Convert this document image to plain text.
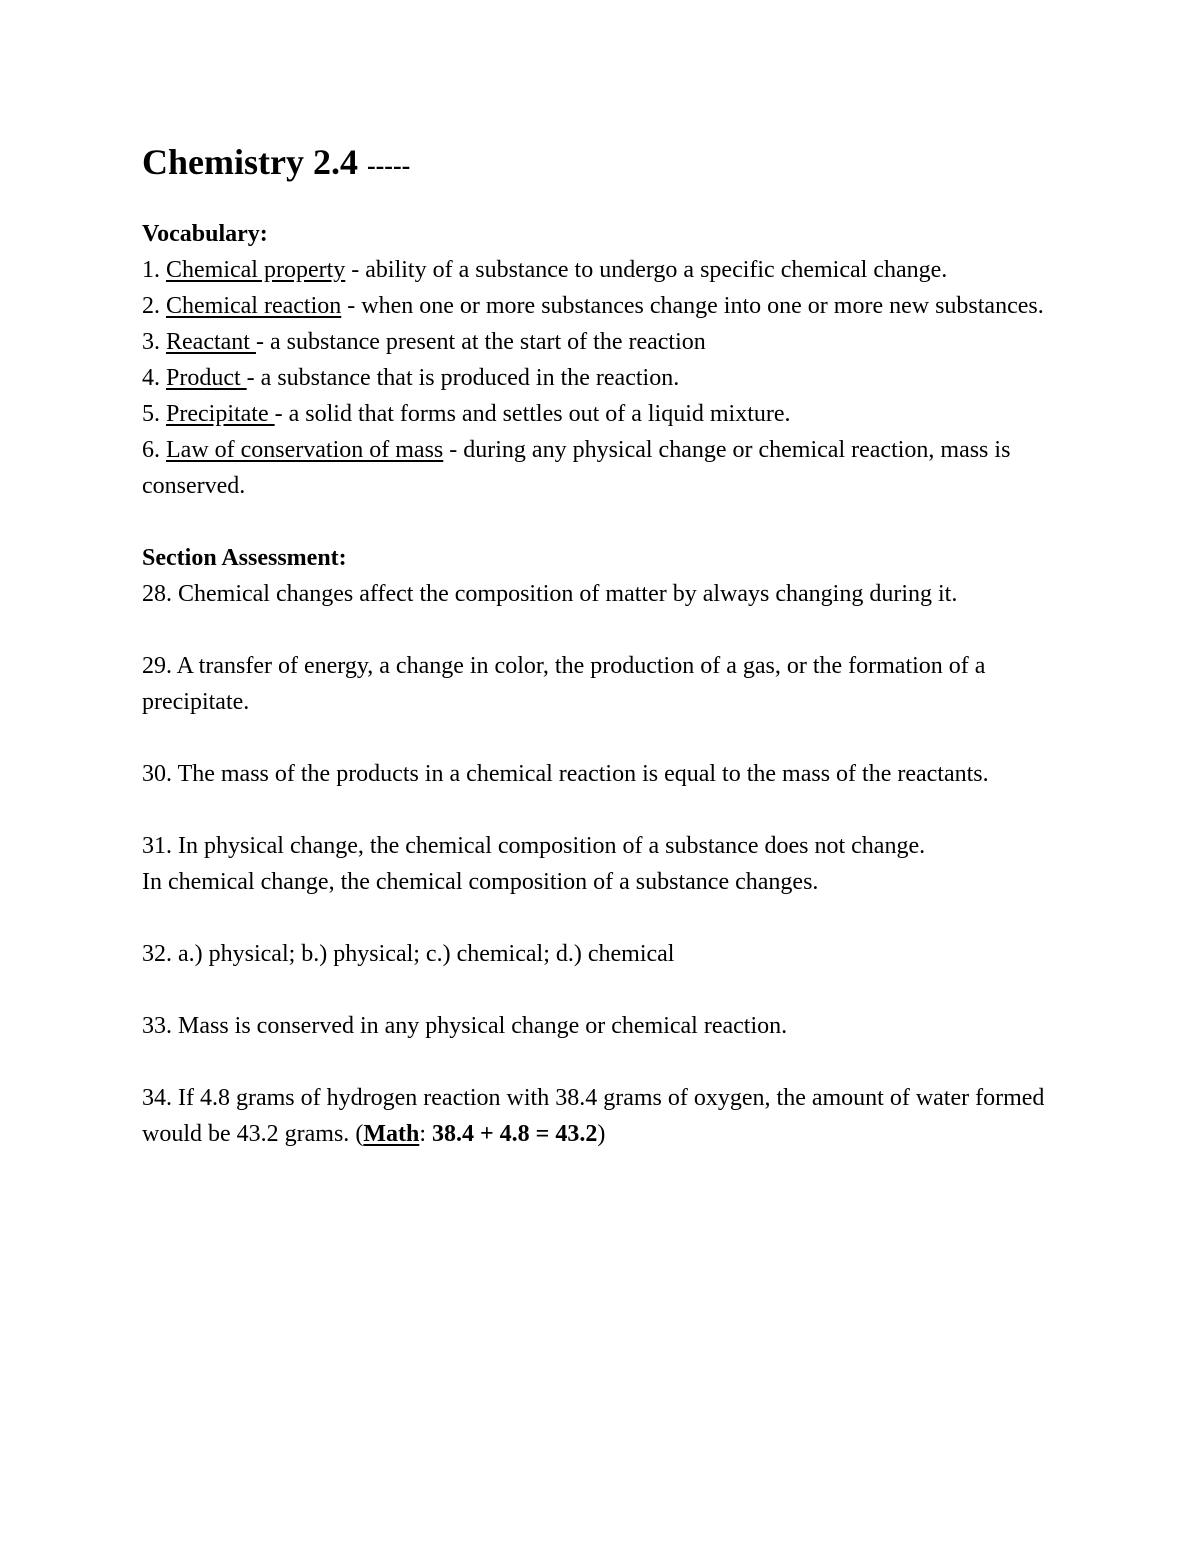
Chemistry 2.4 -----

Vocabulary:

1. Chemical property - ability of a substance to undergo a specific chemical change.

2. Chemical reaction - when one or more substances change into one or more new substances.

3. Reactant - a substance present at the start of the reaction

4. Product - a substance that is produced in the reaction.

5. Precipitate - a solid that forms and settles out of a liquid mixture.

6. Law of conservation of mass - during any physical change or chemical reaction, mass is conserved.

Section Assessment:

28. Chemical changes affect the composition of matter by always changing during it.

29. A transfer of energy, a change in color, the production of a gas, or the formation of a precipitate.

30. The mass of the products in a chemical reaction is equal to the mass of the reactants.

31. In physical change, the chemical composition of a substance does not change.

In chemical change, the chemical composition of a substance changes.

32. a.) physical; b.) physical; c.) chemical; d.) chemical

33. Mass is conserved in any physical change or chemical reaction.

34. If 4.8 grams of hydrogen reaction with 38.4 grams of oxygen, the amount of water formed would be 43.2 grams. (Math: 38.4 + 4.8 = 43.2)
